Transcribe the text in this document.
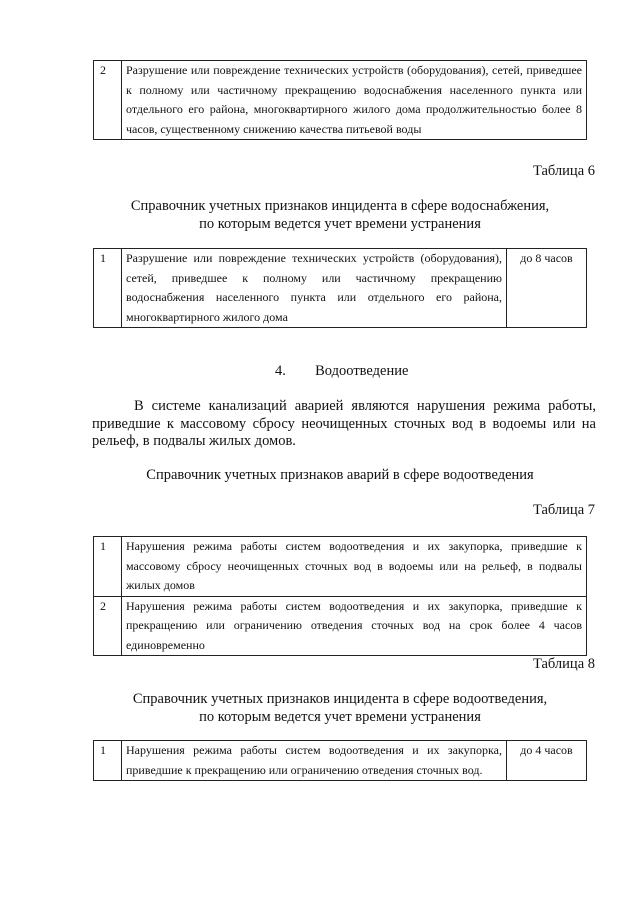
2	Разрушение или повреждение технических устройств (оборудования), сетей, приведшее к полному или частичному прекращению водоснабжения населенного пункта или отдельного его района, многоквартирного жилого дома продолжительностью более 8 часов, существенному снижению качества питьевой воды
Таблица 6
Справочник учетных признаков инцидента в сфере водоснабжения,
по которым ведется учет времени устранения
1	Разрушение или повреждение технических устройств (оборудования), сетей, приведшее к полному или частичному прекращению водоснабжения населенного пункта или отдельного его района, многоквартирного жилого дома	до 8 часов
4. Водоотведение
В системе канализаций аварией являются нарушения режима работы, приведшие к массовому сбросу неочищенных сточных вод в водоемы или на рельеф, в подвалы жилых домов.
Справочник учетных признаков аварий в сфере водоотведения
Таблица 7
1	Нарушения режима работы систем водоотведения и их закупорка, приведшие к массовому сбросу неочищенных сточных вод в водоемы или на рельеф, в подвалы жилых домов
2	Нарушения режима работы систем водоотведения и их закупорка, приведшие к прекращению или ограничению отведения сточных вод на срок более 4 часов единовременно
Таблица 8
Справочник учетных признаков инцидента в сфере водоотведения,
по которым ведется учет времени устранения
1	Нарушения режима работы систем водоотведения и их закупорка, приведшие к прекращению или ограничению отведения сточных вод.	до 4 часов
